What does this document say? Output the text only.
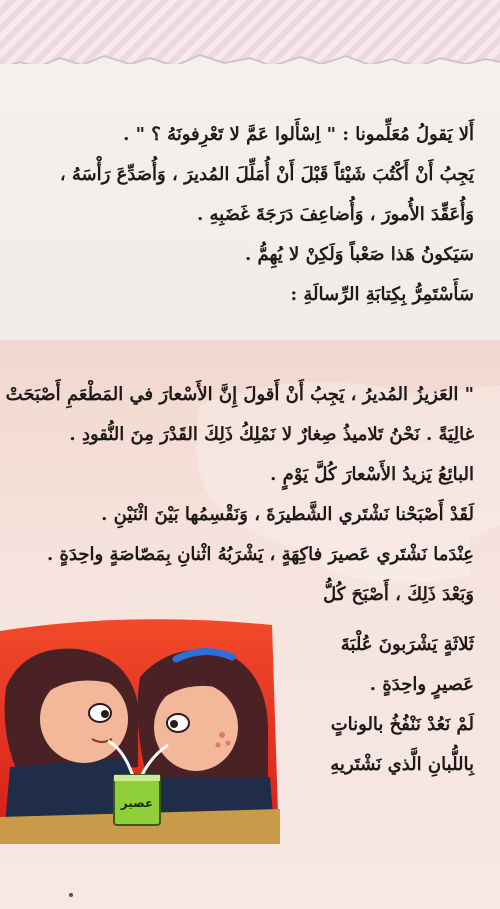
أَلا يَقولُ مُعَلِّمونا : " اِسْأَلوا عَمَّ لا تَعْرِفونَهُ ؟ " .
يَجِبُ أَنْ أَكْتُبَ شَيْئاً قَبْلَ أَنْ أُمَلِّلَ المُديرَ ، وَأُصَدِّعَ رَأْسَهُ ،
وَأُعَقِّدَ الأُمورَ ، وَأُضاعِفَ دَرَجَةَ غَضَبِهِ .
سَيَكونُ هَذا صَعْباً وَلَكِنْ لا يُهِمُّ .
سَأَسْتَمِرُّ بِكِتابَةِ الرِّسالَةِ :
" العَزيزُ المُديرُ ، يَجِبُ أَنْ أَقولَ إِنَّ الأَسْعارَ في المَطْعَمِ أَصْبَحَتْ
غالِيَةً . نَحْنُ تَلاميذُ صِغارٌ لا نَمْلِكُ ذَلِكَ القَدْرَ مِنَ النُّقودِ .
البائِعُ يَزيدُ الأَسْعارَ كُلَّ يَوْمٍ .
لَقَدْ أَصْبَحْنا نَشْتَري الشَّطيرَةَ ، وَنَقْسِمُها بَيْنَ اثْنَيْنِ .
عِنْدَما نَشْتَري عَصيرَ فاكِهَةٍ ، يَشْرَبُهُ اثْنانِ بِمَصّاصَةٍ واحِدَةٍ .
وَبَعْدَ ذَلِكَ ، أَصْبَحَ كُلُّ
ثَلاثَةٍ يَشْرَبونَ عُلْبَةَ
عَصيرٍ واحِدَةٍ .
لَمْ نَعُدْ نَنْفُخُ بالوناتٍ
بِاللُّبانِ الَّذي نَشْتَريهِ
عصير
